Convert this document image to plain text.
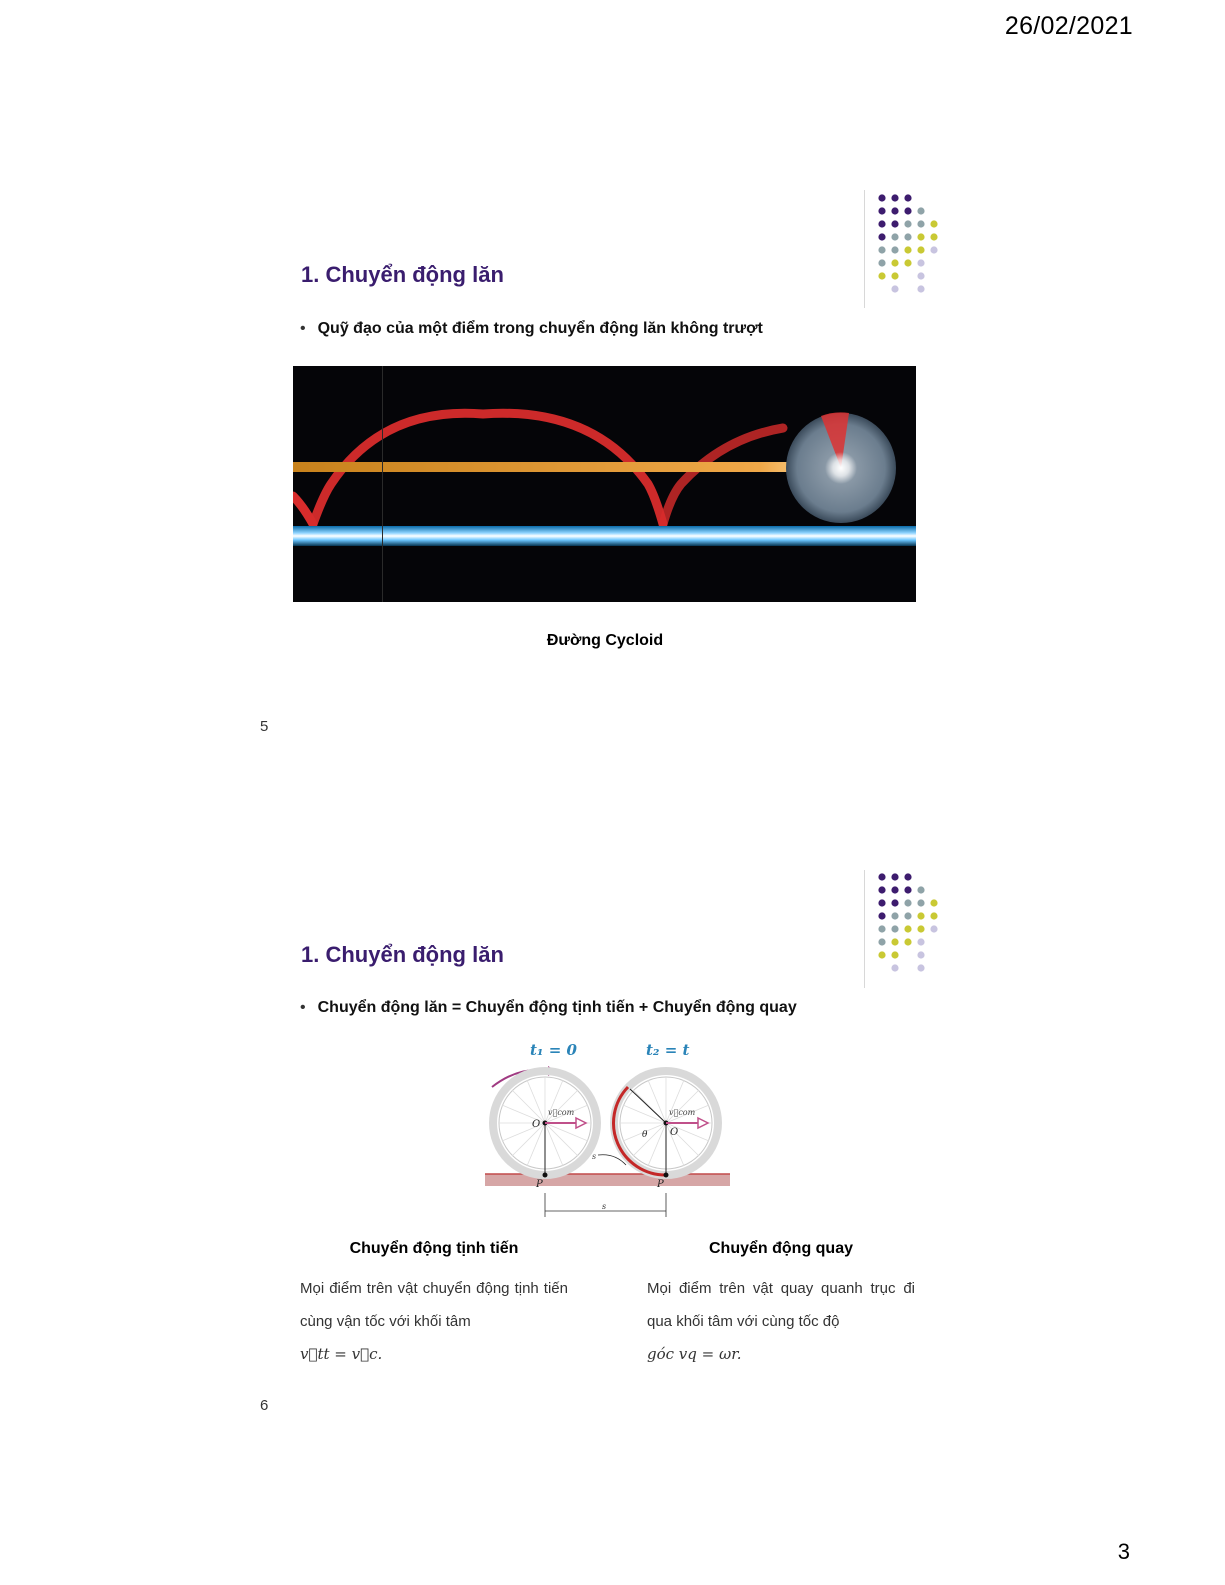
26/02/2021
3
1. Chuyển động lăn
• Quỹ đạo của một điểm trong chuyển động lăn không trượt
Đường Cycloid
5
1. Chuyển động lăn
• Chuyển động lăn = Chuyển động tịnh tiến + Chuyển động quay
t₁ = 0	t₂ = t
O
P
v⃗com
O
θ
P
v⃗com
s
s
Chuyển động tịnh tiến	Chuyển động quay
Mọi điểm trên vật chuyển động tịnh tiến cùng vận tốc với khối tâm
v⃗tt = v⃗c.
Mọi điểm trên vật quay quanh trục đi qua khối tâm với cùng tốc độ
góc vq = ωr.
6
